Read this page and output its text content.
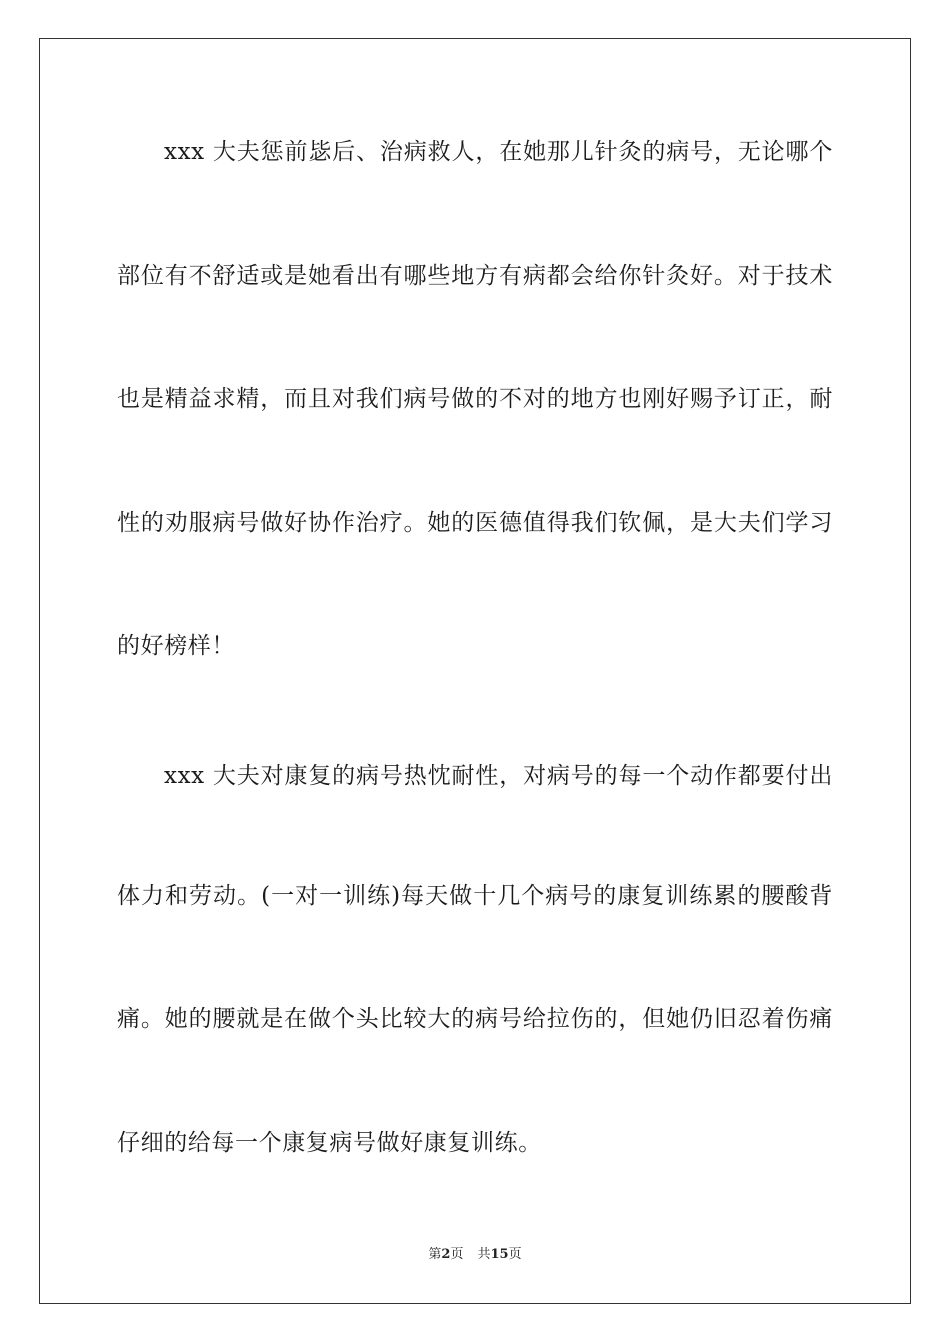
xxx 大夫惩前毖后、治病救人，在她那儿针灸的病号，无论哪个
部位有不舒适或是她看出有哪些地方有病都会给你针灸好。对于技术
也是精益求精，而且对我们病号做的不对的地方也刚好赐予订正，耐
性的劝服病号做好协作治疗。她的医德值得我们钦佩，是大夫们学习
的好榜样！
xxx 大夫对康复的病号热忱耐性，对病号的每一个动作都要付出
体力和劳动。(一对一训练)每天做十几个病号的康复训练累的腰酸背
痛。她的腰就是在做个头比较大的病号给拉伤的，但她仍旧忍着伤痛
仔细的给每一个康复病号做好康复训练。
第2页 共15页
